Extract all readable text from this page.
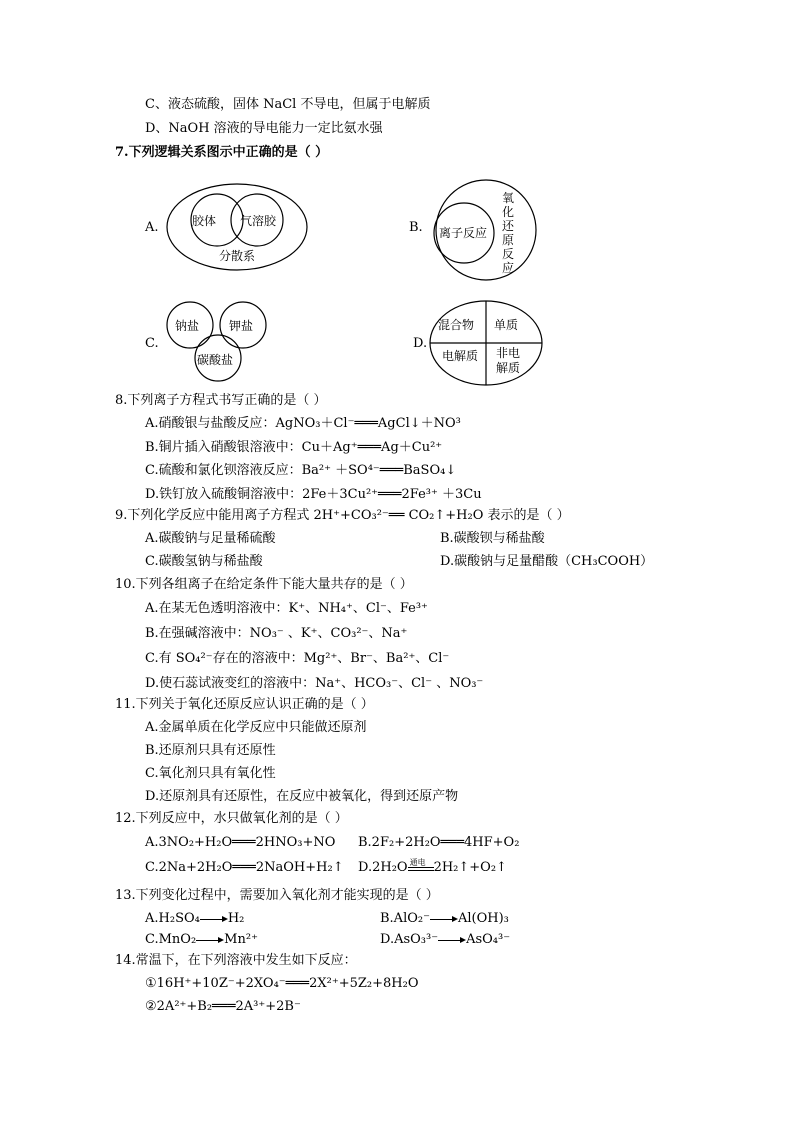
C、液态硫酸，固体 NaCl 不导电，但属于电解质
D、NaOH 溶液的导电能力一定比氨水强
7.下列逻辑关系图示中正确的是（ ）
A.	胶体 气溶胶
分散系
B. 离子反应
氧
化
还
原
反
应
C.
钠盐 钾盐
碳酸盐
D.
混合物 单质
电解质 非电
解质
8.下列离子方程式书写正确的是（ ）
A.硝酸银与盐酸反应：AgNO₃＋Cl⁻═══AgCl↓＋NO³
B.铜片插入硝酸银溶液中：Cu＋Ag⁺═══Ag＋Cu²⁺
C.硫酸和氯化钡溶液反应：Ba²⁺ ＋SO⁴⁻═══BaSO₄↓
D.铁钉放入硫酸铜溶液中：2Fe＋3Cu²⁺═══2Fe³⁺ ＋3Cu
9.下列化学反应中能用离子方程式 2H⁺+CO₃²⁻══ CO₂↑+H₂O 表示的是（ ）
A.碳酸钠与足量稀硫酸	B.碳酸钡与稀盐酸
C.碳酸氢钠与稀盐酸	D.碳酸钠与足量醋酸（CH₃COOH）
10.下列各组离子在给定条件下能大量共存的是（ ）
A.在某无色透明溶液中：K⁺、NH₄⁺、Cl⁻、Fe³⁺
B.在强碱溶液中：NO₃⁻ 、K⁺、CO₃²⁻、Na⁺
C.有 SO₄²⁻存在的溶液中：Mg²⁺、Br⁻、Ba²⁺、Cl⁻
D.使石蕊试液变红的溶液中：Na⁺、HCO₃⁻、Cl⁻ 、NO₃⁻
11.下列关于氧化还原反应认识正确的是（ ）
A.金属单质在化学反应中只能做还原剂
B.还原剂只具有还原性
C.氧化剂只具有氧化性
D.还原剂具有还原性，在反应中被氧化，得到还原产物
12.下列反应中，水只做氧化剂的是（ ）
A.3NO₂+H₂O═══2HNO₃+NO B.2F₂+2H₂O═══4HF+O₂
C.2Na+2H₂O═══2NaOH+H₂↑ D.2H₂O 通电 2H₂↑+O₂↑
13.下列变化过程中，需要加入氧化剂才能实现的是（ ）
A.H₂SO₄ H₂	B.AlO₂⁻ Al(OH)₃
C.MnO₂ Mn²⁺	D.AsO₃³⁻ AsO₄³⁻
14.常温下，在下列溶液中发生如下反应：
①16H⁺+10Z⁻+2XO₄⁻═══2X²⁺+5Z₂+8H₂O
②2A²⁺+B₂═══2A³⁺+2B⁻
